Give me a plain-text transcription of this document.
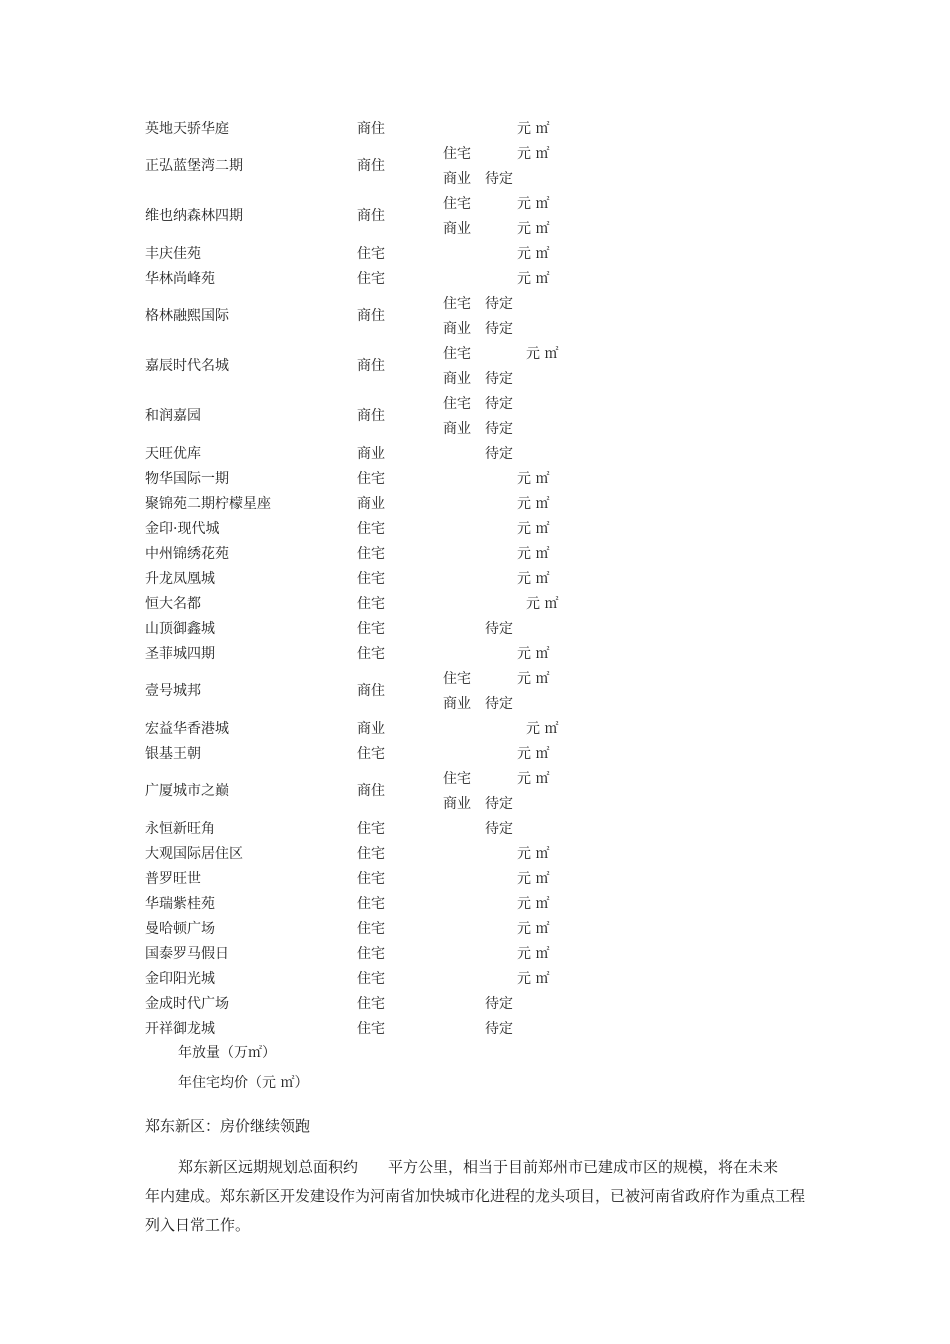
英地天骄华庭	商住	元 ㎡
正弘蓝堡湾二期	商住
住宅	元 ㎡
商业 待定
维也纳森林四期	商住
住宅	元 ㎡
商业	元 ㎡
丰庆佳苑	住宅	元 ㎡
华林尚峰苑	住宅	元 ㎡
格林融熙国际	商住
住宅 待定
商业 待定
嘉辰时代名城	商住
住宅	元 ㎡
商业 待定
和润嘉园	商住
住宅 待定
商业 待定
天旺优库	商业	待定
物华国际一期	住宅	元 ㎡
聚锦苑二期柠檬星座	商业	元 ㎡
金印·现代城	住宅	元 ㎡
中州锦绣花苑	住宅	元 ㎡
升龙凤凰城	住宅	元 ㎡
恒大名都	住宅	元 ㎡
山顶御鑫城	住宅	待定
圣菲城四期	住宅	元 ㎡
壹号城邦	商住
住宅	元 ㎡
商业 待定
宏益华香港城	商业	元 ㎡
银基王朝	住宅	元 ㎡
广厦城市之巅	商住
住宅	元 ㎡
商业 待定
永恒新旺角	住宅	待定
大观国际居住区	住宅	元 ㎡
普罗旺世	住宅	元 ㎡
华瑞紫桂苑	住宅	元 ㎡
曼哈顿广场	住宅	元 ㎡
国泰罗马假日	住宅	元 ㎡
金印阳光城	住宅	元 ㎡
金成时代广场	住宅	待定
开祥御龙城	住宅	待定
年放量（万㎡）
年住宅均价（元 ㎡）
郑东新区：房价继续领跑
郑东新区远期规划总面积约　　平方公里，相当于目前郑州市已建成市区的规模，将在未来　　　年内建成。郑东新区开发建设作为河南省加快城市化进程的龙头项目，已被河南省政府作为重点工程列入日常工作。
